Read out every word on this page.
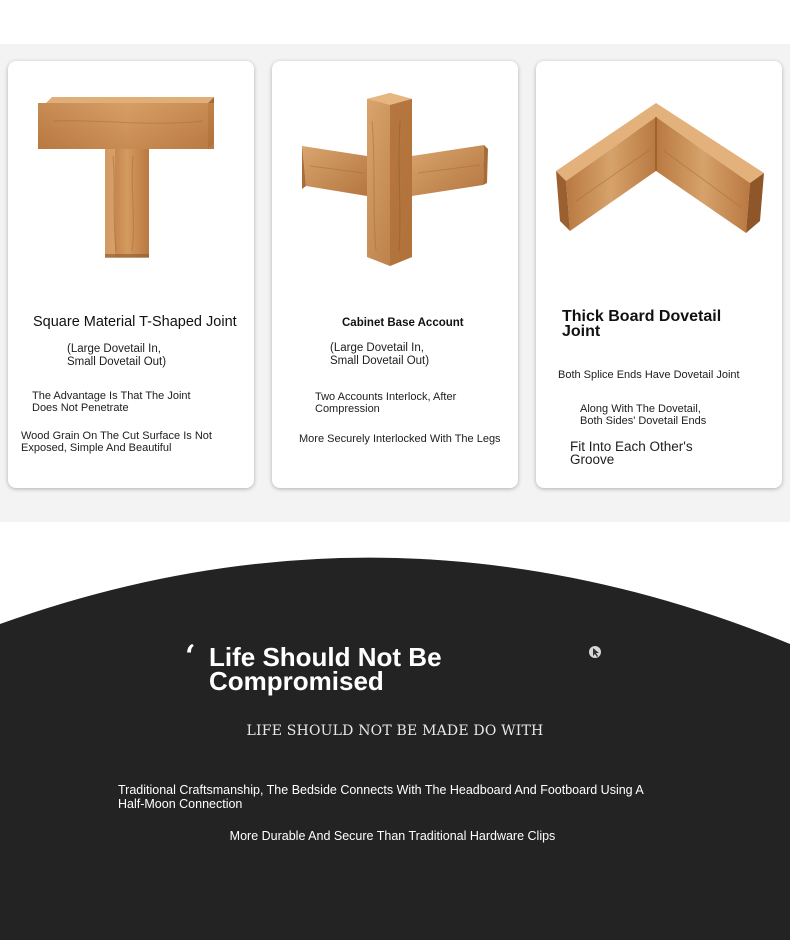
Square Material T-Shaped Joint
(Large Dovetail In,
Small Dovetail Out)
The Advantage Is That The Joint
Does Not Penetrate
Wood Grain On The Cut Surface Is Not
Exposed, Simple And Beautiful
Cabinet Base Account
(Large Dovetail In,
Small Dovetail Out)
Two Accounts Interlock, After
Compression
More Securely Interlocked With The Legs
Thick Board Dovetail
Joint
Both Splice Ends Have Dovetail Joint
Along With The Dovetail,
Both Sides' Dovetail Ends
Fit Into Each Other's
Groove
‘ Life Should Not Be
Compromised
LIFE SHOULD NOT BE MADE DO WITH
Traditional Craftsmanship, The Bedside Connects With The Headboard And Footboard Using A
Half-Moon Connection
More Durable And Secure Than Traditional Hardware Clips
